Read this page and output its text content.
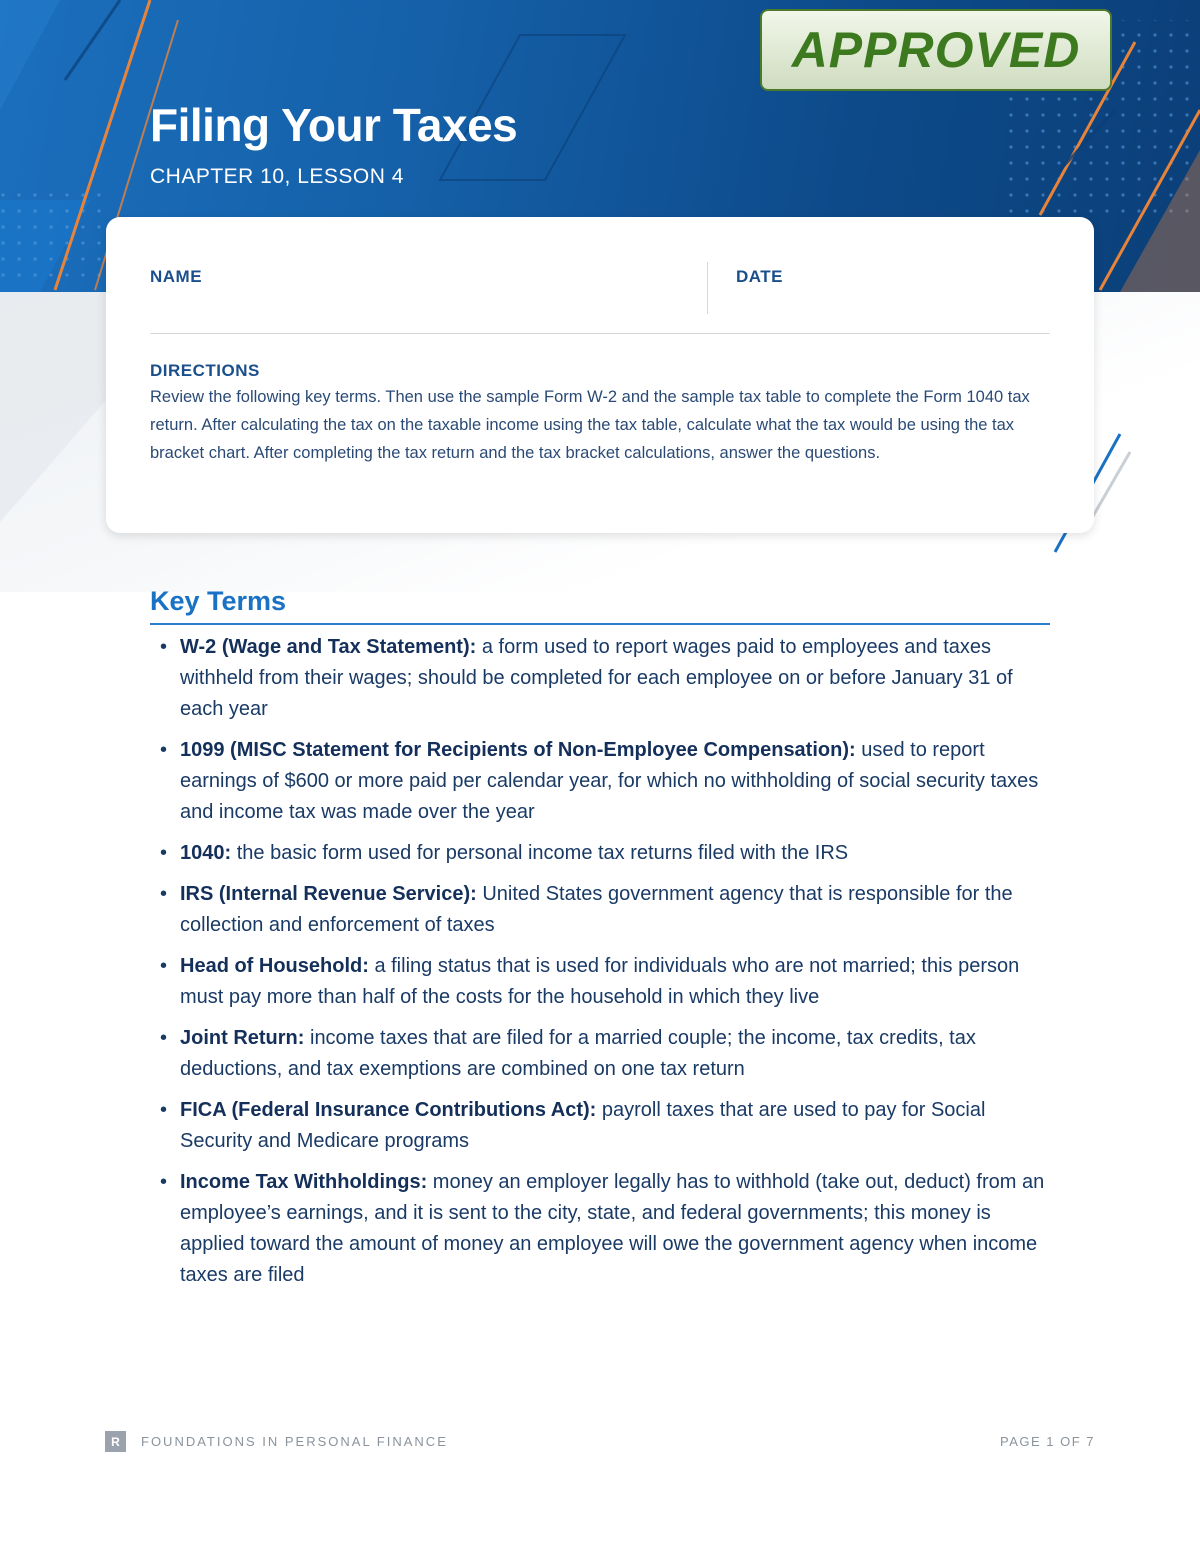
Filing Your Taxes

CHAPTER 10, LESSON 4

APPROVED

NAME	DATE

DIRECTIONS

Review the following key terms. Then use the sample Form W-2 and the sample tax table to complete the Form 1040 tax return. After calculating the tax on the taxable income using the tax table, calculate what the tax would be using the tax bracket chart. After completing the tax return and the tax bracket calculations, answer the questions.

Key Terms
• W-2 (Wage and Tax Statement): a form used to report wages paid to employees and taxes withheld from their wages; should be completed for each employee on or before January 31 of each year
• 1099 (MISC Statement for Recipients of Non-Employee Compensation): used to report earnings of $600 or more paid per calendar year, for which no withholding of social security taxes and income tax was made over the year
• 1040: the basic form used for personal income tax returns filed with the IRS
• IRS (Internal Revenue Service): United States government agency that is responsible for the collection and enforcement of taxes
• Head of Household: a filing status that is used for individuals who are not married; this person must pay more than half of the costs for the household in which they live
• Joint Return: income taxes that are filed for a married couple; the income, tax credits, tax deductions, and tax exemptions are combined on one tax return
• FICA (Federal Insurance Contributions Act): payroll taxes that are used to pay for Social Security and Medicare programs
• Income Tax Withholdings: money an employer legally has to withhold (take out, deduct) from an employee’s earnings, and it is sent to the city, state, and federal governments; this money is applied toward the amount of money an employee will owe the government agency when income taxes are filed
R	FOUNDATIONS IN PERSONAL FINANCE	PAGE 1 OF 7
